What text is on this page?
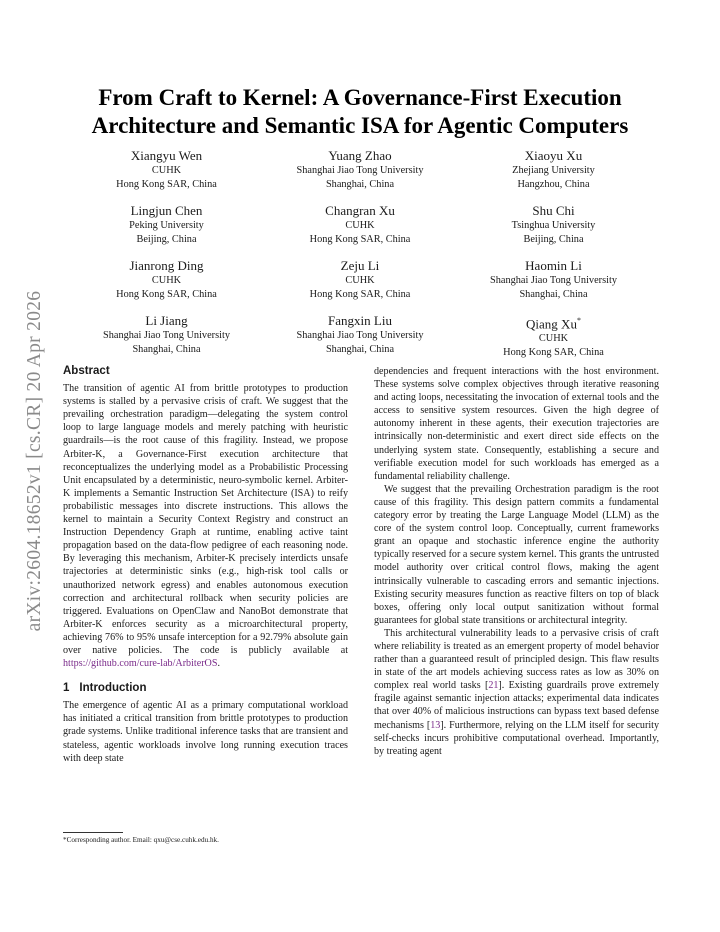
arXiv:2604.18652v1 [cs.CR] 20 Apr 2026
From Craft to Kernel: A Governance-First Execution Architecture and Semantic ISA for Agentic Computers
Xiangyu Wen
CUHK
Hong Kong SAR, China
Yuang Zhao
Shanghai Jiao Tong University
Shanghai, China
Xiaoyu Xu
Zhejiang University
Hangzhou, China
Lingjun Chen
Peking University
Beijing, China
Changran Xu
CUHK
Hong Kong SAR, China
Shu Chi
Tsinghua University
Beijing, China
Jianrong Ding
CUHK
Hong Kong SAR, China
Zeju Li
CUHK
Hong Kong SAR, China
Haomin Li
Shanghai Jiao Tong University
Shanghai, China
Li Jiang
Shanghai Jiao Tong University
Shanghai, China
Fangxin Liu
Shanghai Jiao Tong University
Shanghai, China
Qiang Xu*
CUHK
Hong Kong SAR, China
Abstract

The transition of agentic AI from brittle prototypes to production systems is stalled by a pervasive crisis of craft. We suggest that the prevailing orchestration paradigm—delegating the system control loop to large language models and merely patching with heuristic guardrails—is the root cause of this fragility. Instead, we propose Arbiter-K, a Governance-First execution architecture that reconceptualizes the underlying model as a Probabilistic Processing Unit encapsulated by a deterministic, neuro-symbolic kernel. Arbiter-K implements a Semantic Instruction Set Architecture (ISA) to reify probabilistic messages into discrete instructions. This allows the kernel to maintain a Security Context Registry and construct an Instruction Dependency Graph at runtime, enabling active taint propagation based on the data-flow pedigree of each reasoning node. By leveraging this mechanism, Arbiter-K precisely interdicts unsafe trajectories at deterministic sinks (e.g., high-risk tool calls or unauthorized network egress) and enables autonomous execution correction and architectural rollback when security policies are triggered. Evaluations on OpenClaw and NanoBot demonstrate that Arbiter-K enforces security as a microarchitectural property, achieving 76% to 95% unsafe interception for a 92.79% absolute gain over native policies. The code is publicly available at https://github.com/cure-lab/ArbiterOS.

1 Introduction

The emergence of agentic AI as a primary computational workload has initiated a critical transition from brittle prototypes to production grade systems. Unlike traditional inference tasks that are transient and stateless, agentic workloads involve long running execution traces with deep state

dependencies and frequent interactions with the host environment. These systems solve complex objectives through iterative reasoning and acting loops, necessitating the invocation of external tools and the access to sensitive system resources. Given the high degree of autonomy inherent in these agents, their execution trajectories are intrinsically non-deterministic and exert direct side effects on the underlying system state. Consequently, establishing a secure and verifiable execution model for such workloads has emerged as a fundamental reliability challenge.

We suggest that the prevailing Orchestration paradigm is the root cause of this fragility. This design pattern commits a fundamental category error by treating the Large Language Model (LLM) as the core of the system control loop. Conceptually, current frameworks grant an opaque and stochastic inference engine the authority typically reserved for a secure system kernel. This grants the untrusted model authority over critical control flows, making the agent intrinsically vulnerable to cascading errors and semantic injections. Existing security measures function as reactive filters on top of black boxes, offering only local output sanitization without formal guarantees for global state transitions or architectural integrity.

This architectural vulnerability leads to a pervasive crisis of craft where reliability is treated as an emergent property of model behavior rather than a guaranteed result of principled design. This flaw results in state of the art models achieving success rates as low as 30% on complex real world tasks [21]. Existing guardrails prove extremely fragile against semantic injection attacks; experimental data indicates that over 40% of malicious instructions can bypass text based defense mechanisms [13]. Furthermore, relying on the LLM itself for security self-checks incurs prohibitive computational overhead. Importantly, by treating agent

*Corresponding author. Email: qxu@cse.cuhk.edu.hk.
